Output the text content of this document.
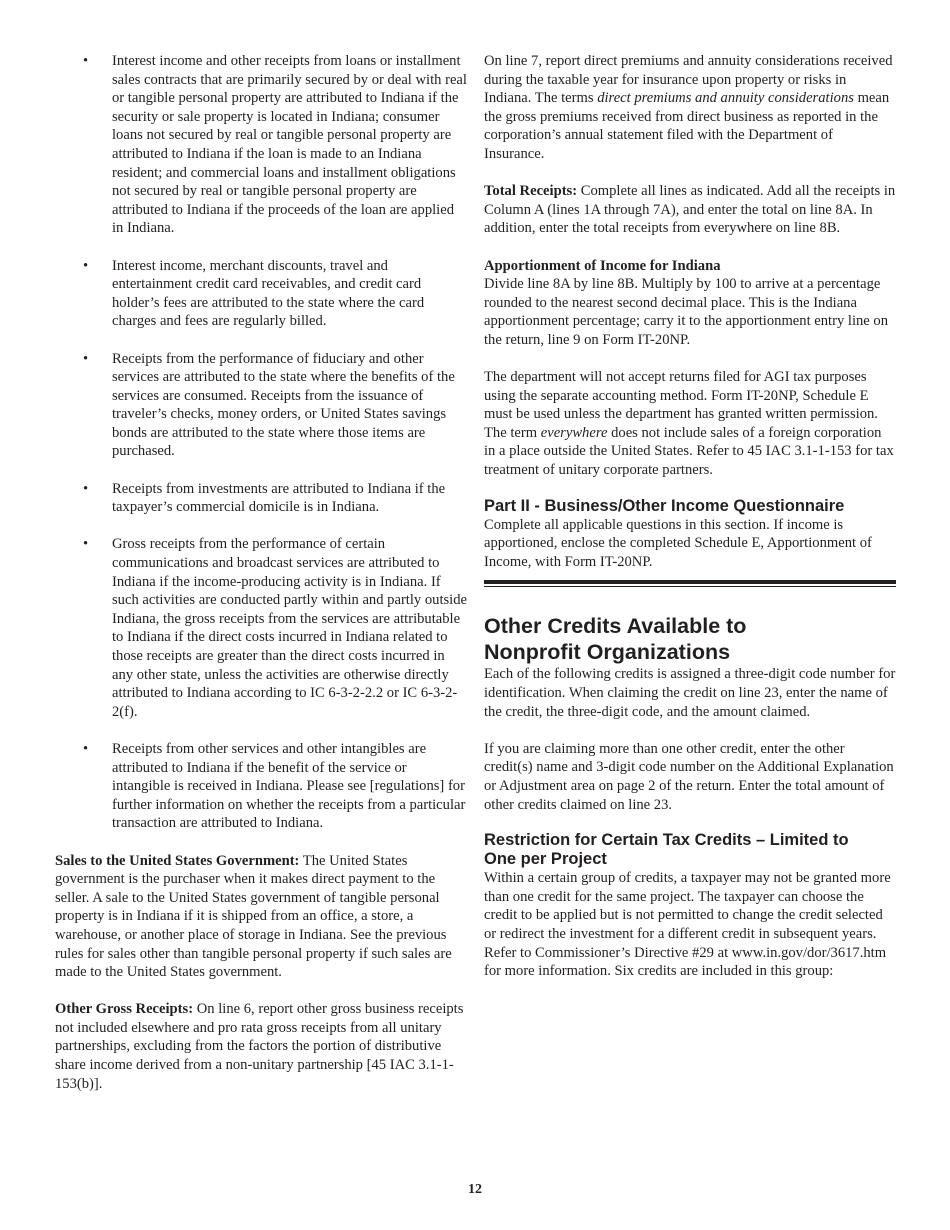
• Interest income and other receipts from loans or installment sales contracts that are primarily secured by or deal with real or tangible personal property are attributed to Indiana if the security or sale property is located in Indiana; consumer loans not secured by real or tangible personal property are attributed to Indiana if the loan is made to an Indiana resident; and commercial loans and installment obligations not secured by real or tangible personal property are attributed to Indiana if the proceeds of the loan are applied in Indiana.
• Interest income, merchant discounts, travel and entertainment credit card receivables, and credit card holder’s fees are attributed to the state where the card charges and fees are regularly billed.
• Receipts from the performance of fiduciary and other services are attributed to the state where the benefits of the services are consumed. Receipts from the issuance of traveler’s checks, money orders, or United States savings bonds are attributed to the state where those items are purchased.
• Receipts from investments are attributed to Indiana if the taxpayer’s commercial domicile is in Indiana.
• Gross receipts from the performance of certain communications and broadcast services are attributed to Indiana if the income-producing activity is in Indiana. If such activities are conducted partly within and partly outside Indiana, the gross receipts from the services are attributable to Indiana if the direct costs incurred in Indiana related to those receipts are greater than the direct costs incurred in any other state, unless the activities are otherwise directly attributed to Indiana according to IC 6-3-2-2.2 or IC 6-3-2-2(f).
• Receipts from other services and other intangibles are attributed to Indiana if the benefit of the service or intangible is received in Indiana. Please see [regulations] for further information on whether the receipts from a particular transaction are attributed to Indiana.

Sales to the United States Government: The United States government is the purchaser when it makes direct payment to the seller. A sale to the United States government of tangible personal property is in Indiana if it is shipped from an office, a store, a warehouse, or another place of storage in Indiana. See the previous rules for sales other than tangible personal property if such sales are made to the United States government.

Other Gross Receipts: On line 6, report other gross business receipts not included elsewhere and pro rata gross receipts from all unitary partnerships, excluding from the factors the portion of distributive share income derived from a non-unitary partnership [45 IAC 3.1-1-153(b)].

On line 7, report direct premiums and annuity considerations received during the taxable year for insurance upon property or risks in Indiana. The terms direct premiums and annuity considerations mean the gross premiums received from direct business as reported in the corporation’s annual statement filed with the Department of Insurance.

Total Receipts: Complete all lines as indicated. Add all the receipts in Column A (lines 1A through 7A), and enter the total on line 8A. In addition, enter the total receipts from everywhere on line 8B.

Apportionment of Income for Indiana

Divide line 8A by line 8B. Multiply by 100 to arrive at a percentage rounded to the nearest second decimal place. This is the Indiana apportionment percentage; carry it to the apportionment entry line on the return, line 9 on Form IT-20NP.

The department will not accept returns filed for AGI tax purposes using the separate accounting method. Form IT-20NP, Schedule E must be used unless the department has granted written permission. The term everywhere does not include sales of a foreign corporation in a place outside the United States. Refer to 45 IAC 3.1-1-153 for tax treatment of unitary corporate partners.

Part II - Business/Other Income Questionnaire

Complete all applicable questions in this section. If income is apportioned, enclose the completed Schedule E, Apportionment of Income, with Form IT-20NP.

Other Credits Available to

Nonprofit Organizations

Each of the following credits is assigned a three-digit code number for identification. When claiming the credit on line 23, enter the name of the credit, the three-digit code, and the amount claimed.

If you are claiming more than one other credit, enter the other credit(s) name and 3-digit code number on the Additional Explanation or Adjustment area on page 2 of the return. Enter the total amount of other credits claimed on line 23.

Restriction for Certain Tax Credits – Limited to

One per Project

Within a certain group of credits, a taxpayer may not be granted more than one credit for the same project. The taxpayer can choose the credit to be applied but is not permitted to change the credit selected or redirect the investment for a different credit in subsequent years. Refer to Commissioner’s Directive #29 at www.in.gov/dor/3617.htm for more information. Six credits are included in this group:

12
